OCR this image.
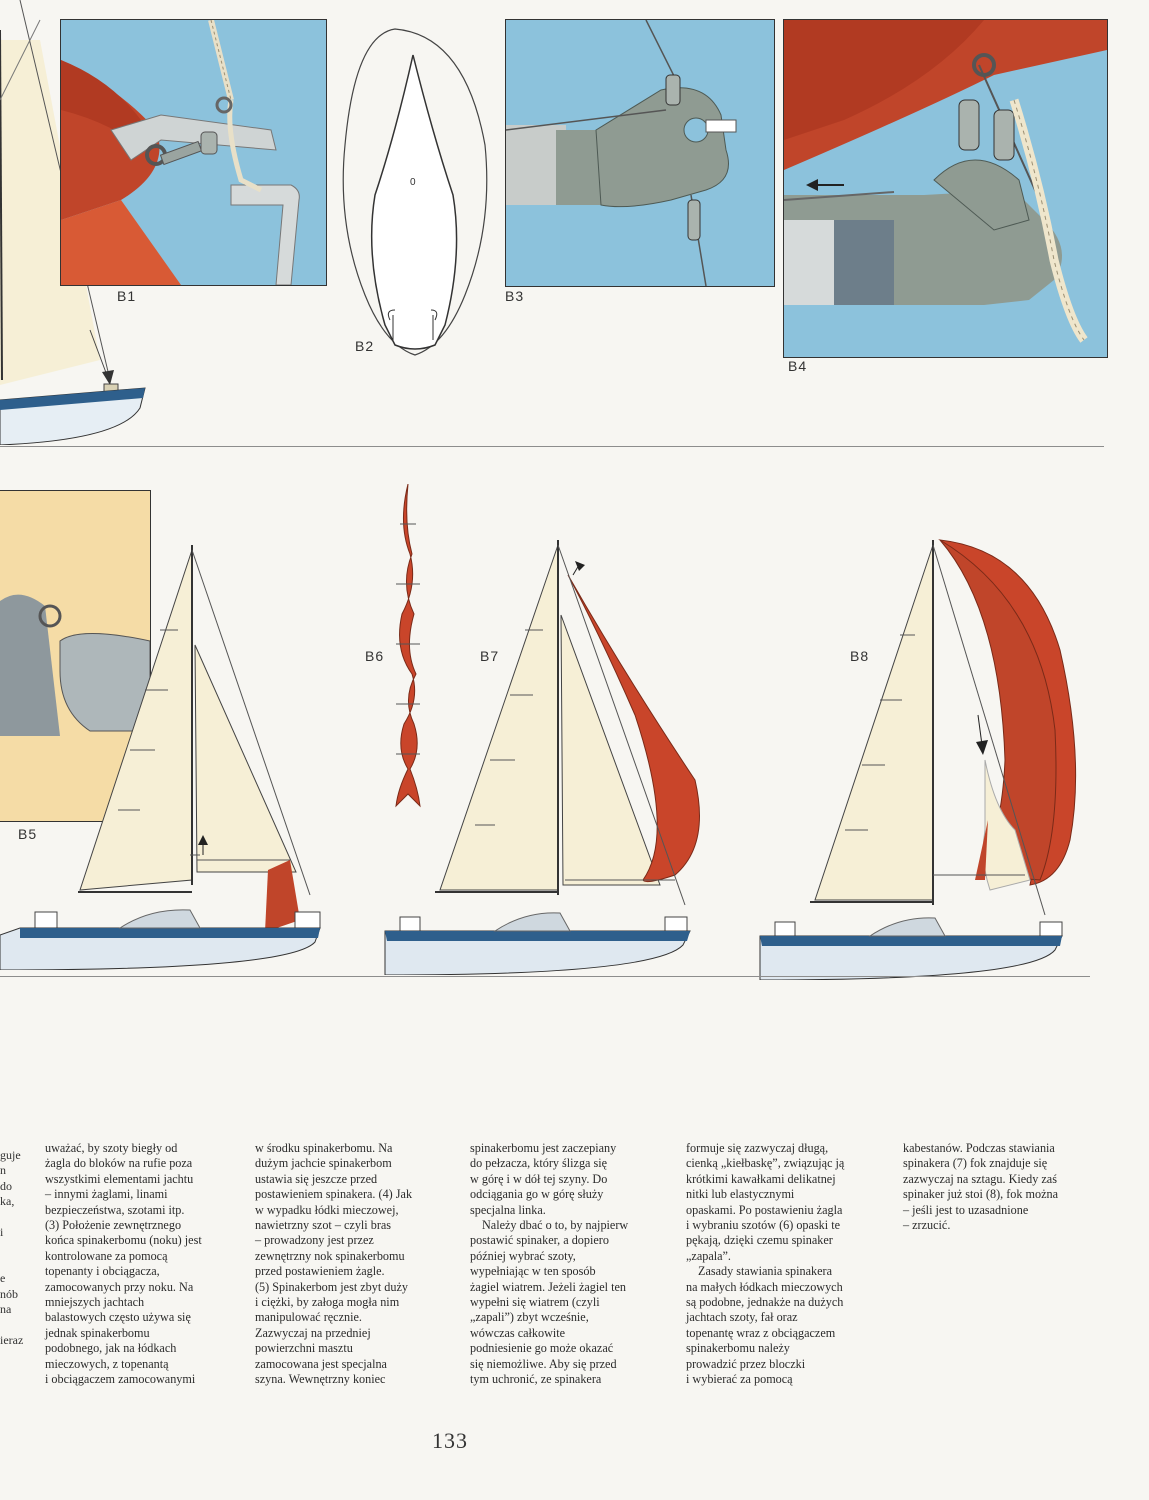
B1
0
B2
B3
B4
B5
B6	B7	B8
guje
n
do
ka,

i

e
nób
na

ieraz

uważać, by szoty biegły od
żagla do bloków na rufie poza
wszystkimi elementami jachtu
– innymi żaglami, linami
bezpieczeństwa, szotami itp.
(3) Położenie zewnętrznego
końca spinakerbomu (noku) jest
kontrolowane za pomocą
topenanty i obciągacza,
zamocowanych przy noku. Na
mniejszych jachtach
balastowych często używa się
jednak spinakerbomu
podobnego, jak na łódkach
mieczowych, z topenantą
i obciągaczem zamocowanymi

w środku spinakerbomu. Na
dużym jachcie spinakerbom
ustawia się jeszcze przed
postawieniem spinakera. (4) Jak
w wypadku łódki mieczowej,
nawietrzny szot – czyli bras
– prowadzony jest przez
zewnętrzny nok spinakerbomu
przed postawieniem żagle.
(5) Spinakerbom jest zbyt duży
i ciężki, by załoga mogła nim
manipulować ręcznie.
Zazwyczaj na przedniej
powierzchni masztu
zamocowana jest specjalna
szyna. Wewnętrzny koniec

spinakerbomu jest zaczepiany
do pełzacza, który ślizga się
w górę i w dół tej szyny. Do
odciągania go w górę służy
specjalna linka.

Należy dbać o to, by najpierw
postawić spinaker, a dopiero
później wybrać szoty,
wypełniając w ten sposób
żagiel wiatrem. Jeżeli żagiel ten
wypełni się wiatrem (czyli
„zapali”) zbyt wcześnie,
wówczas całkowite
podniesienie go może okazać
się niemożliwe. Aby się przed
tym uchronić, ze spinakera

formuje się zazwyczaj długą,
cienką „kiełbaskę”, związując ją
krótkimi kawałkami delikatnej
nitki lub elastycznymi
opaskami. Po postawieniu żagla
i wybraniu szotów (6) opaski te
pękają, dzięki czemu spinaker
„zapala”.

Zasady stawiania spinakera
na małych łódkach mieczowych
są podobne, jednakże na dużych
jachtach szoty, fał oraz
topenantę wraz z obciągaczem
spinakerbomu należy
prowadzić przez bloczki
i wybierać za pomocą

kabestanów. Podczas stawiania
spinakera (7) fok znajduje się
zazwyczaj na sztagu. Kiedy zaś
spinaker już stoi (8), fok można
– jeśli jest to uzasadnione
– zrzucić.

133
